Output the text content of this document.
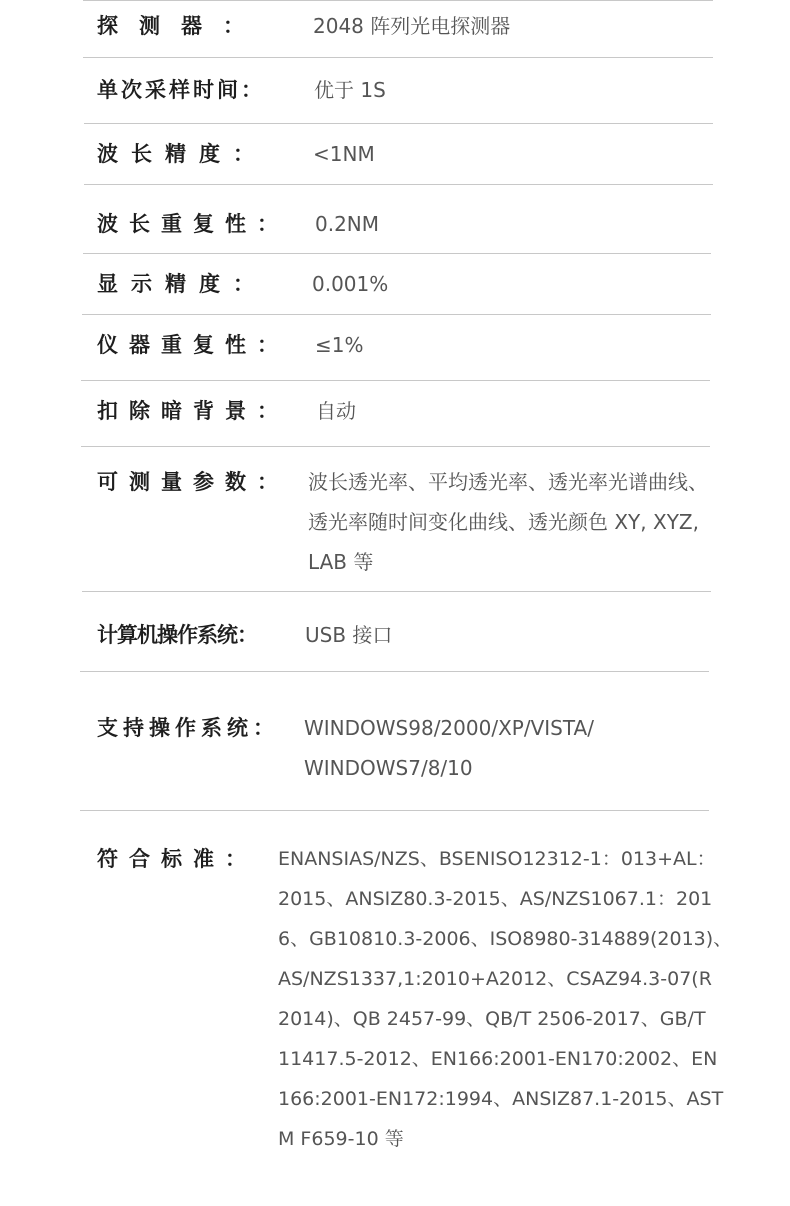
探　测　器　：	2048 阵列光电探测器
单次采样时间： 优于 1S
波　长　精　度　：	<1NM
波长重复性： 0.2NM
显　示　精　度　：	0.001%
仪器重复性： ≤1%
扣除暗背景： 自动
可测量参数： 波长透光率、平均透光率、透光率光谱曲线、
透光率随时间变化曲线、透光颜色 XY, XYZ,
LAB 等
计算机操作系统： USB 接口
支持操作系统： WINDOWS98/2000/XP/VISTA/
WINDOWS7/8/10
符　合　标　准　： ENANSIAS/NZS、BSENISO12312-1：013+AL：
2015、ANSIZ80.3-2015、AS/NZS1067.1：201
6、GB10810.3-2006、ISO8980-314889(2013)、
AS/NZS1337,1:2010+A2012、CSAZ94.3-07(R
2014)、QB 2457-99、QB/T 2506-2017、GB/T
11417.5-2012、EN166:2001-EN170:2002、EN
166:2001-EN172:1994、ANSIZ87.1-2015、AST
M F659-10 等
